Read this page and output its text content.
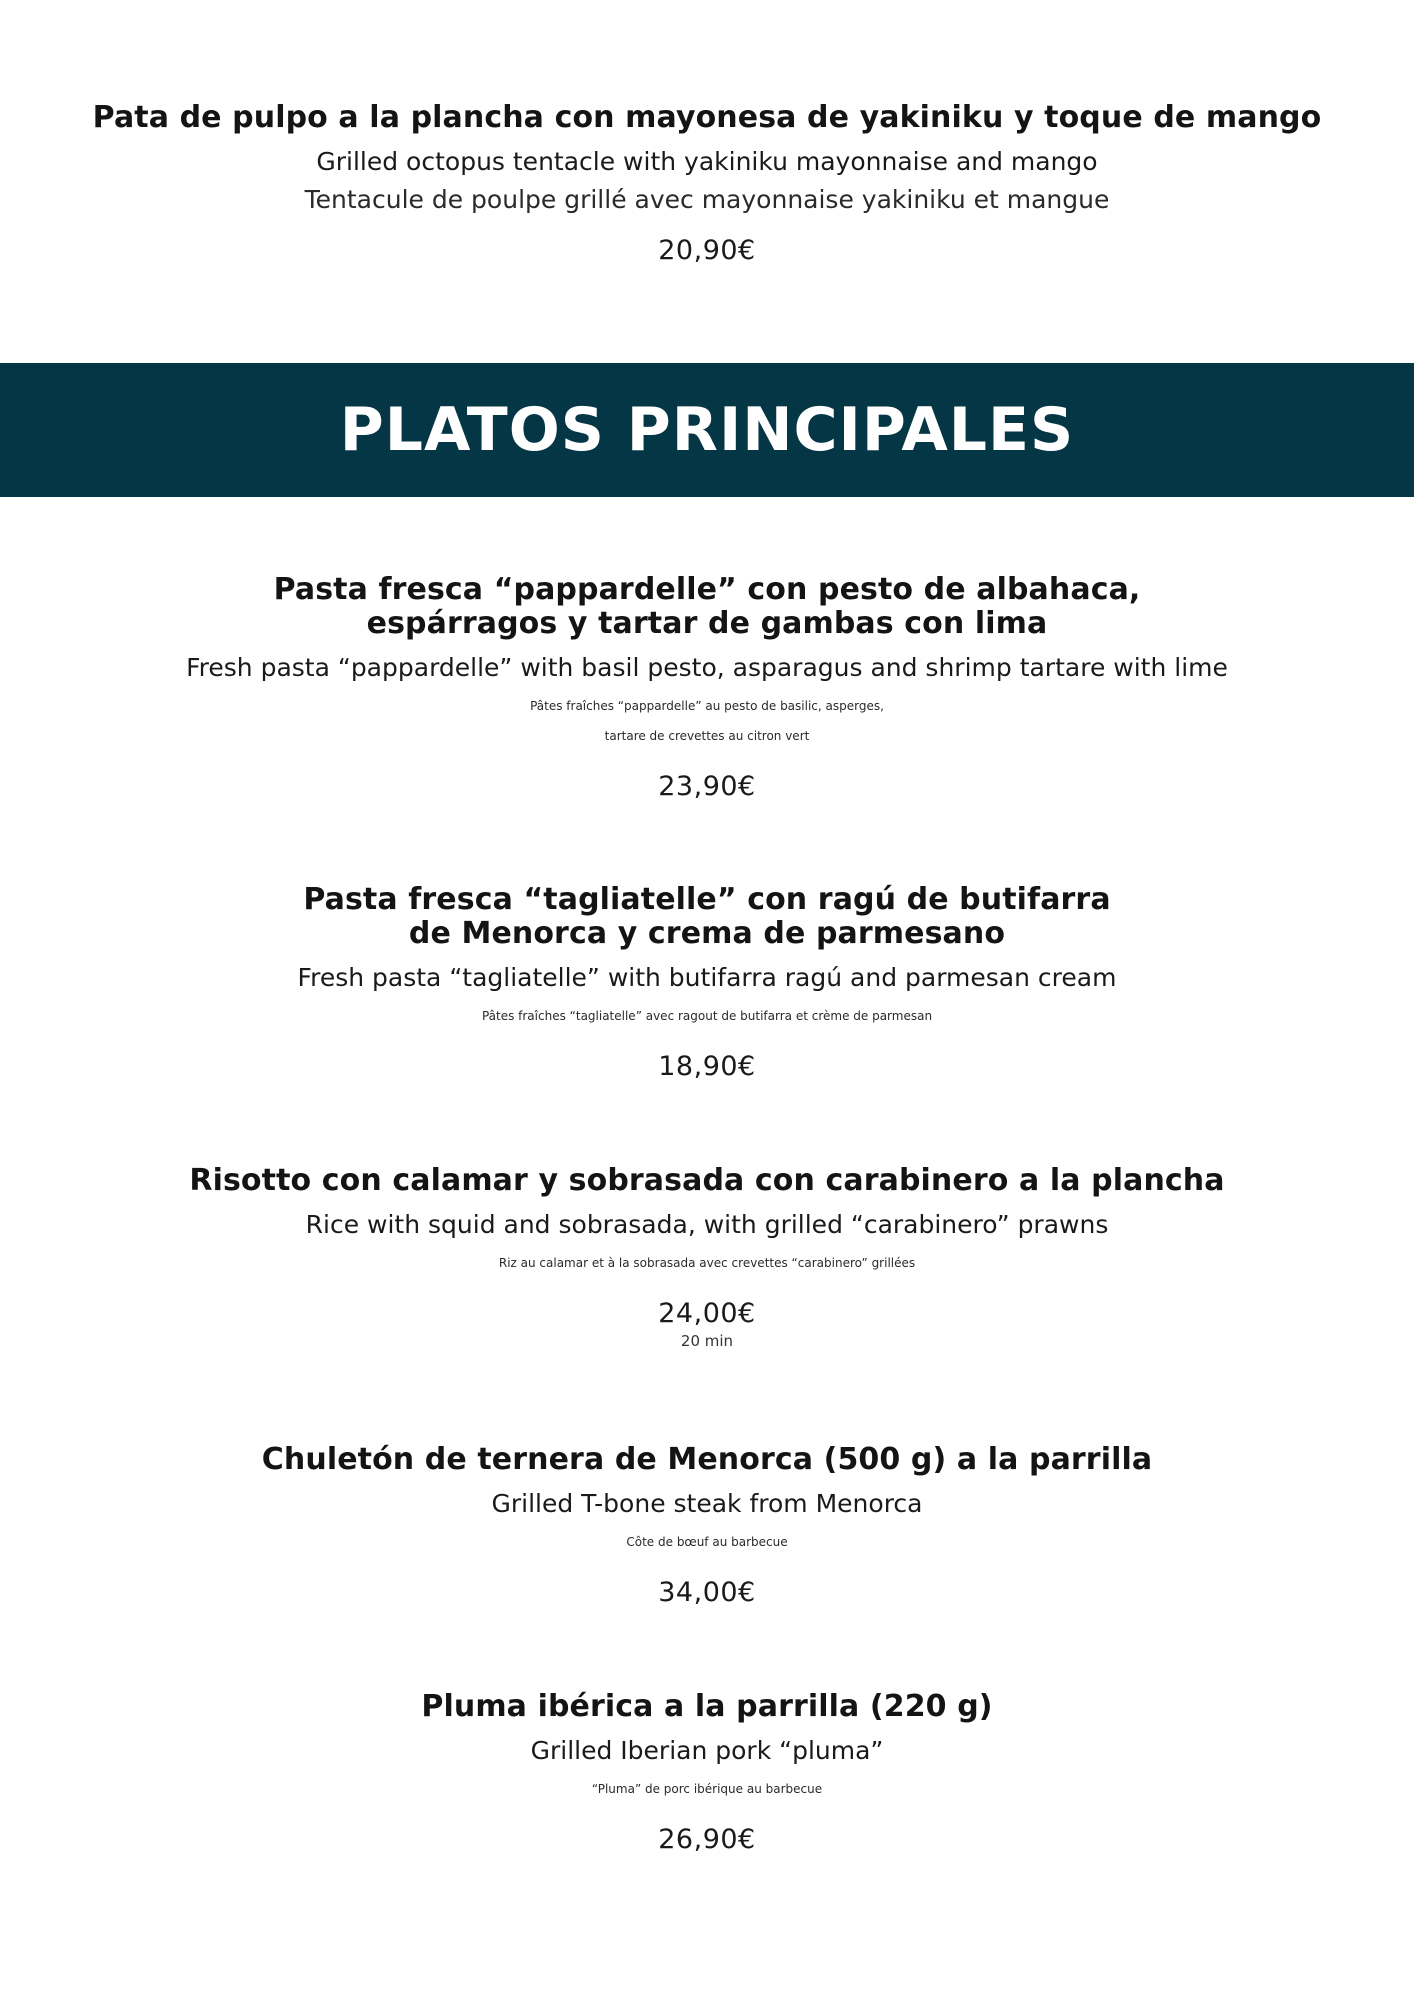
Pata de pulpo a la plancha con mayonesa de yakiniku y toque de mango

Grilled octopus tentacle with yakiniku mayonnaise and mango

Tentacule de poulpe grillé avec mayonnaise yakiniku et mangue

20,90€

PLATOS PRINCIPALES
Pasta fresca “pappardelle” con pesto de albahaca,
espárragos y tartar de gambas con lima

Fresh pasta “pappardelle” with basil pesto, asparagus and shrimp tartare with lime

Pâtes fraîches “pappardelle” au pesto de basilic, asperges,
tartare de crevettes au citron vert

23,90€

Pasta fresca “tagliatelle” con ragú de butifarra
de Menorca y crema de parmesano

Fresh pasta “tagliatelle” with butifarra ragú and parmesan cream

Pâtes fraîches “tagliatelle” avec ragout de butifarra et crème de parmesan

18,90€

Risotto con calamar y sobrasada con carabinero a la plancha

Rice with squid and sobrasada, with grilled “carabinero” prawns

Riz au calamar et à la sobrasada avec crevettes “carabinero” grillées

24,00€

20 min

Chuletón de ternera de Menorca (500 g) a la parrilla

Grilled T-bone steak from Menorca

Côte de bœuf au barbecue

34,00€

Pluma ibérica a la parrilla (220 g)

Grilled Iberian pork “pluma”

“Pluma” de porc ibérique au barbecue

26,90€
